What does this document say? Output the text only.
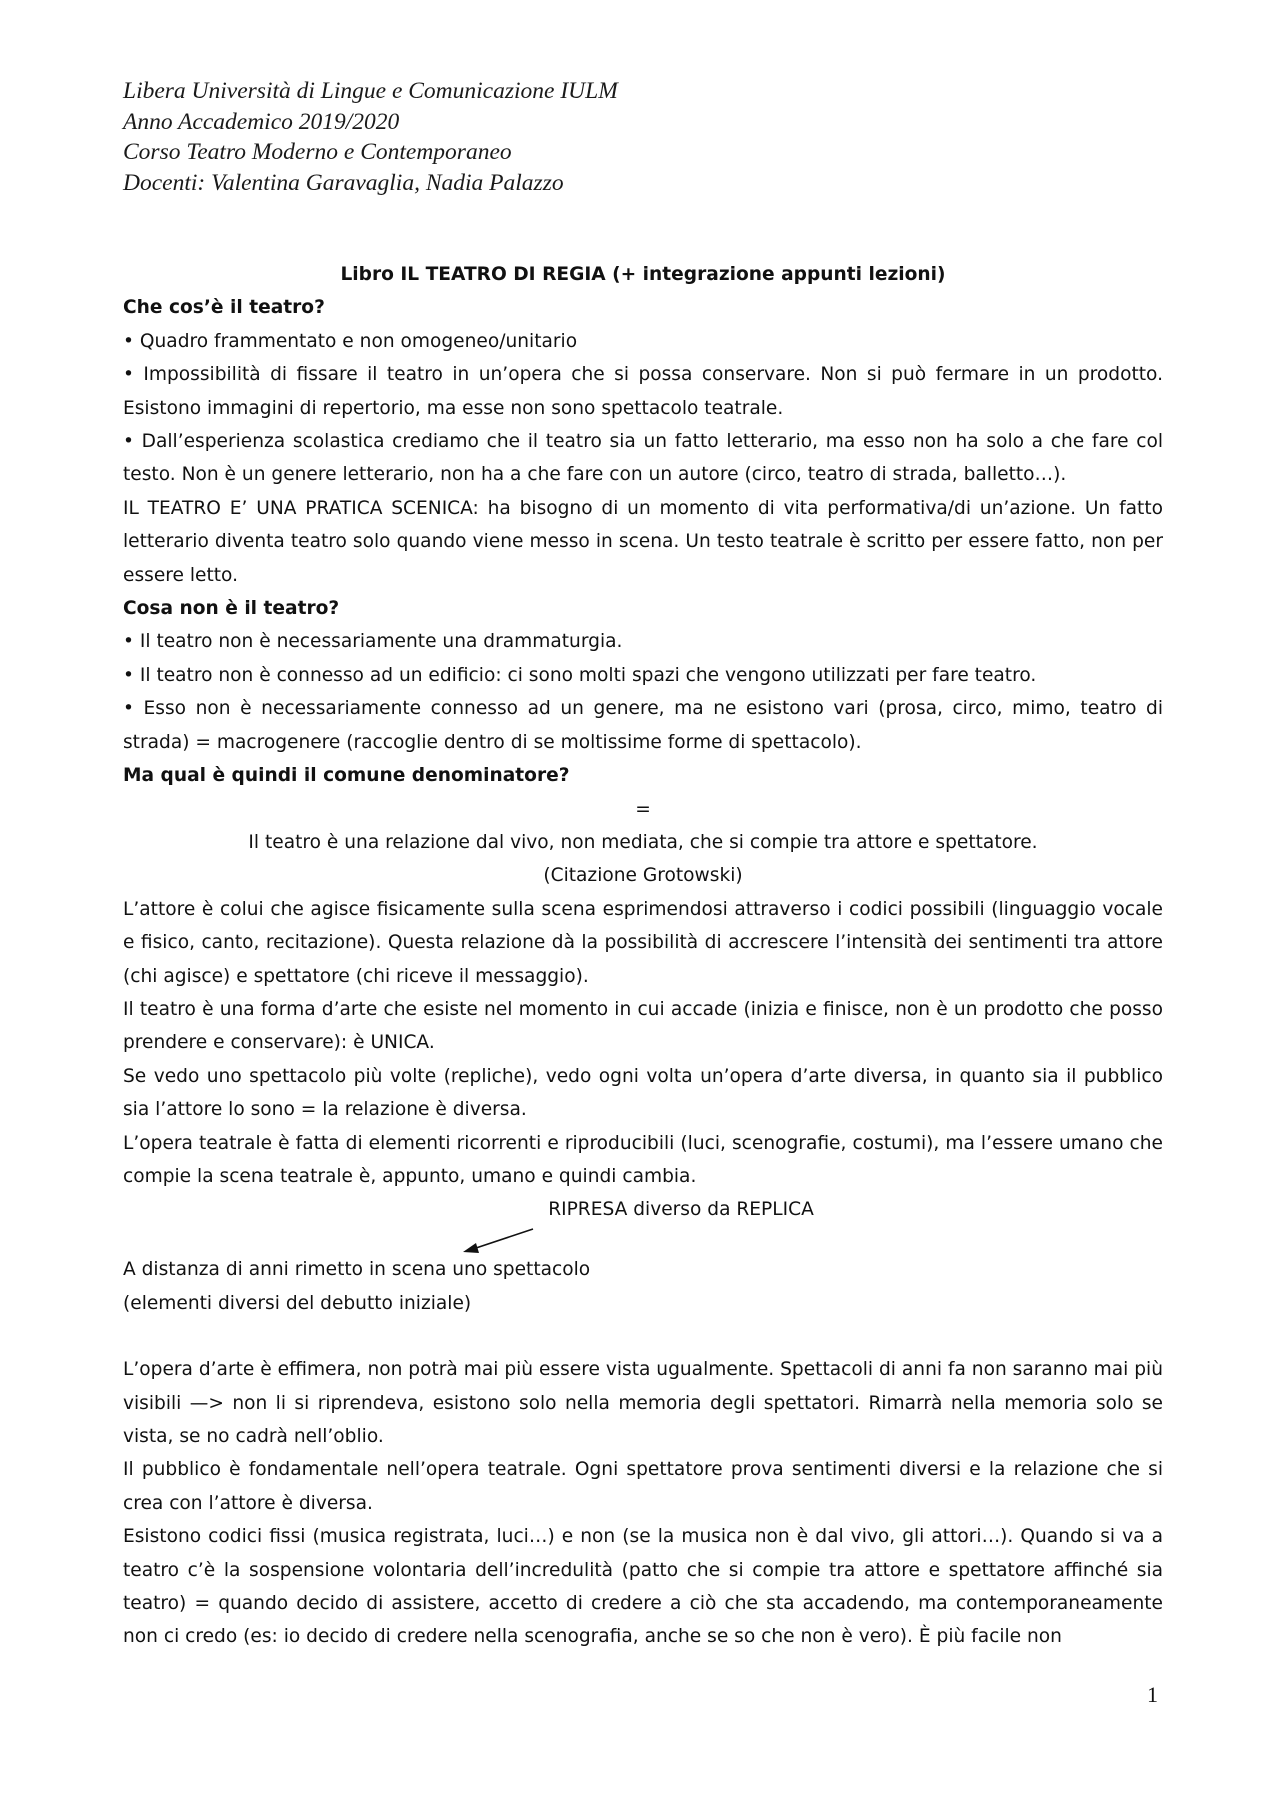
Libera Università di Lingue e Comunicazione IULM
Anno Accademico 2019/2020
Corso Teatro Moderno e Contemporaneo
Docenti: Valentina Garavaglia, Nadia Palazzo

Libro IL TEATRO DI REGIA (+ integrazione appunti lezioni)

Che cos’è il teatro?

• Quadro frammentato e non omogeneo/unitario

• Impossibilità di fissare il teatro in un’opera che si possa conservare. Non si può fermare in un prodotto. Esistono immagini di repertorio, ma esse non sono spettacolo teatrale.

• Dall’esperienza scolastica crediamo che il teatro sia un fatto letterario, ma esso non ha solo a che fare col testo. Non è un genere letterario, non ha a che fare con un autore (circo, teatro di strada, balletto…).

IL TEATRO E’ UNA PRATICA SCENICA: ha bisogno di un momento di vita performativa/di un’azione. Un fatto letterario diventa teatro solo quando viene messo in scena. Un testo teatrale è scritto per essere fatto, non per essere letto.

Cosa non è il teatro?

• Il teatro non è necessariamente una drammaturgia.

• Il teatro non è connesso ad un edificio: ci sono molti spazi che vengono utilizzati per fare teatro.

• Esso non è necessariamente connesso ad un genere, ma ne esistono vari (prosa, circo, mimo, teatro di strada) = macrogenere (raccoglie dentro di se moltissime forme di spettacolo).

Ma qual è quindi il comune denominatore?

=

Il teatro è una relazione dal vivo, non mediata, che si compie tra attore e spettatore.

(Citazione Grotowski)

L’attore è colui che agisce fisicamente sulla scena esprimendosi attraverso i codici possibili (linguaggio vocale e fisico, canto, recitazione). Questa relazione dà la possibilità di accrescere l’intensità dei sentimenti tra attore (chi agisce) e spettatore (chi riceve il messaggio).

Il teatro è una forma d’arte che esiste nel momento in cui accade (inizia e finisce, non è un prodotto che posso prendere e conservare): è UNICA.

Se vedo uno spettacolo più volte (repliche), vedo ogni volta un’opera d’arte diversa, in quanto sia il pubblico sia l’attore lo sono = la relazione è diversa.

L’opera teatrale è fatta di elementi ricorrenti e riproducibili (luci, scenografie, costumi), ma l’essere umano che compie la scena teatrale è, appunto, umano e quindi cambia.

RIPRESA diverso da REPLICA

A distanza di anni rimetto in scena uno spettacolo

(elementi diversi del debutto iniziale)

L’opera d’arte è effimera, non potrà mai più essere vista ugualmente. Spettacoli di anni fa non saranno mai più visibili —> non li si riprendeva, esistono solo nella memoria degli spettatori. Rimarrà nella memoria solo se vista, se no cadrà nell’oblio.

Il pubblico è fondamentale nell’opera teatrale. Ogni spettatore prova sentimenti diversi e la relazione che si crea con l’attore è diversa.

Esistono codici fissi (musica registrata, luci…) e non (se la musica non è dal vivo, gli attori…). Quando si va a teatro c’è la sospensione volontaria dell’incredulità (patto che si compie tra attore e spettatore affinché sia teatro) = quando decido di assistere, accetto di credere a ciò che sta accadendo, ma contemporaneamente non ci credo (es: io decido di credere nella scenografia, anche se so che non è vero). È più facile non

1
